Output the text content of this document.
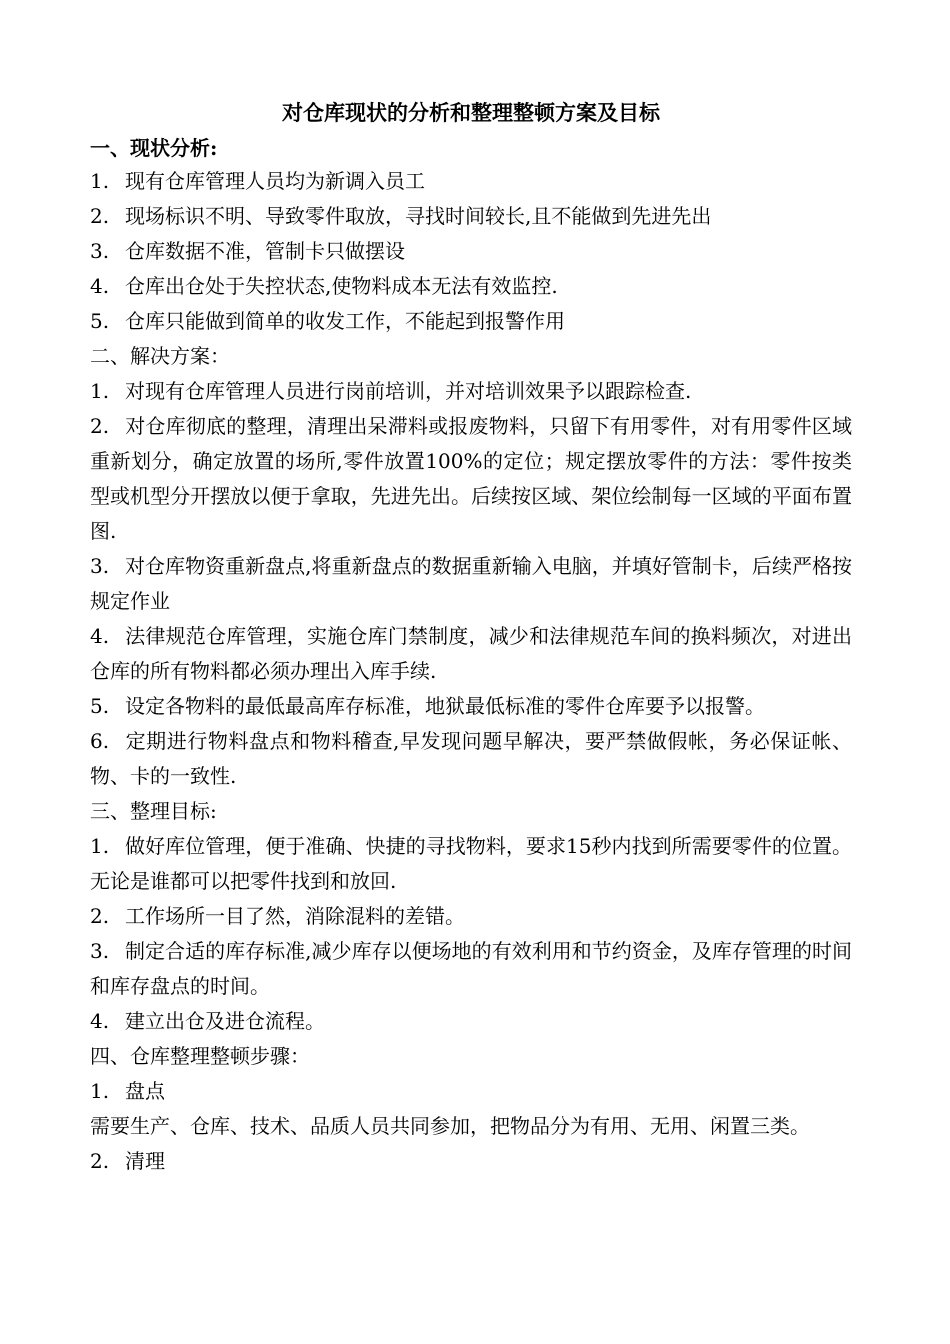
对仓库现状的分析和整理整顿方案及目标

一、现状分析:

1. 现有仓库管理人员均为新调入员工

2. 现场标识不明、导致零件取放，寻找时间较长,且不能做到先进先出

3. 仓库数据不准，管制卡只做摆设

4. 仓库出仓处于失控状态,使物料成本无法有效监控.

5. 仓库只能做到简单的收发工作，不能起到报警作用

二、解决方案：

1. 对现有仓库管理人员进行岗前培训，并对培训效果予以跟踪检查.

2. 对仓库彻底的整理，清理出呆滞料或报废物料，只留下有用零件，对有用零件区域重新划分，确定放置的场所,零件放置100%的定位；规定摆放零件的方法：零件按类型或机型分开摆放以便于拿取，先进先出。后续按区域、架位绘制每一区域的平面布置图.

3. 对仓库物资重新盘点,将重新盘点的数据重新输入电脑，并填好管制卡，后续严格按规定作业

4. 法律规范仓库管理，实施仓库门禁制度，减少和法律规范车间的换料频次，对进出仓库的所有物料都必须办理出入库手续.

5. 设定各物料的最低最高库存标准，地狱最低标准的零件仓库要予以报警。

6. 定期进行物料盘点和物料稽查,早发现问题早解决，要严禁做假帐，务必保证帐、物、卡的一致性.

三、整理目标:

1. 做好库位管理，便于准确、快捷的寻找物料，要求15秒内找到所需要零件的位置。无论是谁都可以把零件找到和放回.

2. 工作场所一目了然，消除混料的差错。

3. 制定合适的库存标准,减少库存以便场地的有效利用和节约资金，及库存管理的时间和库存盘点的时间。

4. 建立出仓及进仓流程。

四、仓库整理整顿步骤：

1. 盘点

需要生产、仓库、技术、品质人员共同参加，把物品分为有用、无用、闲置三类。

2. 清理
